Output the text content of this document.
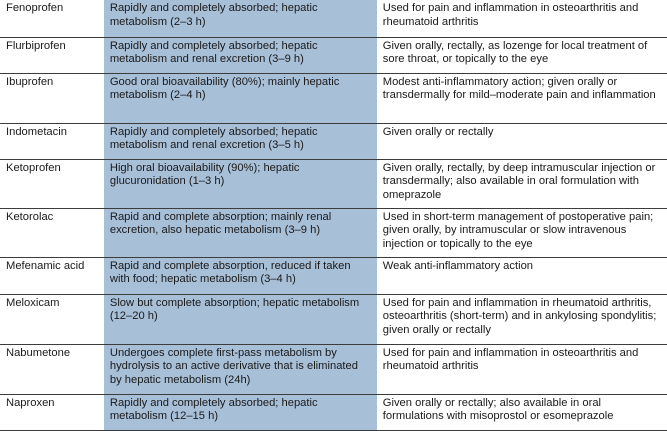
Fenoprofen	Rapidly and completely absorbed; hepatic metabolism (2–3 h)	Used for pain and inflammation in osteoarthritis and rheumatoid arthritis
Flurbiprofen	Rapidly and completely absorbed; hepatic metabolism and renal excretion (3–9 h)	Given orally, rectally, as lozenge for local treatment of sore throat, or topically to the eye
Ibuprofen	Good oral bioavailability (80%); mainly hepatic metabolism (2–4 h)	Modest anti-inflammatory action; given orally or transdermally for mild–moderate pain and inflammation
Indometacin	Rapidly and completely absorbed; hepatic metabolism and renal excretion (3–5 h)	Given orally or rectally
Ketoprofen	High oral bioavailability (90%); hepatic glucuronidation (1–3 h)	Given orally, rectally, by deep intramuscular injection or transdermally; also available in oral formulation with omeprazole
Ketorolac	Rapid and complete absorption; mainly renal excretion, also hepatic metabolism (3–9 h)	Used in short-term management of postoperative pain; given orally, by intramuscular or slow intravenous injection or topically to the eye
Mefenamic acid	Rapid and complete absorption, reduced if taken with food; hepatic metabolism (3–4 h)	Weak anti-inflammatory action
Meloxicam	Slow but complete absorption; hepatic metabolism (12–20 h)	Used for pain and inflammation in rheumatoid arthritis, osteoarthritis (short-term) and in ankylosing spondylitis; given orally or rectally
Nabumetone	Undergoes complete first-pass metabolism by hydrolysis to an active derivative that is eliminated by hepatic metabolism (24h)	Used for pain and inflammation in osteoarthritis and rheumatoid arthritis
Naproxen	Rapidly and completely absorbed; hepatic metabolism (12–15 h)	Given orally or rectally; also available in oral formulations with misoprostol or esomeprazole
